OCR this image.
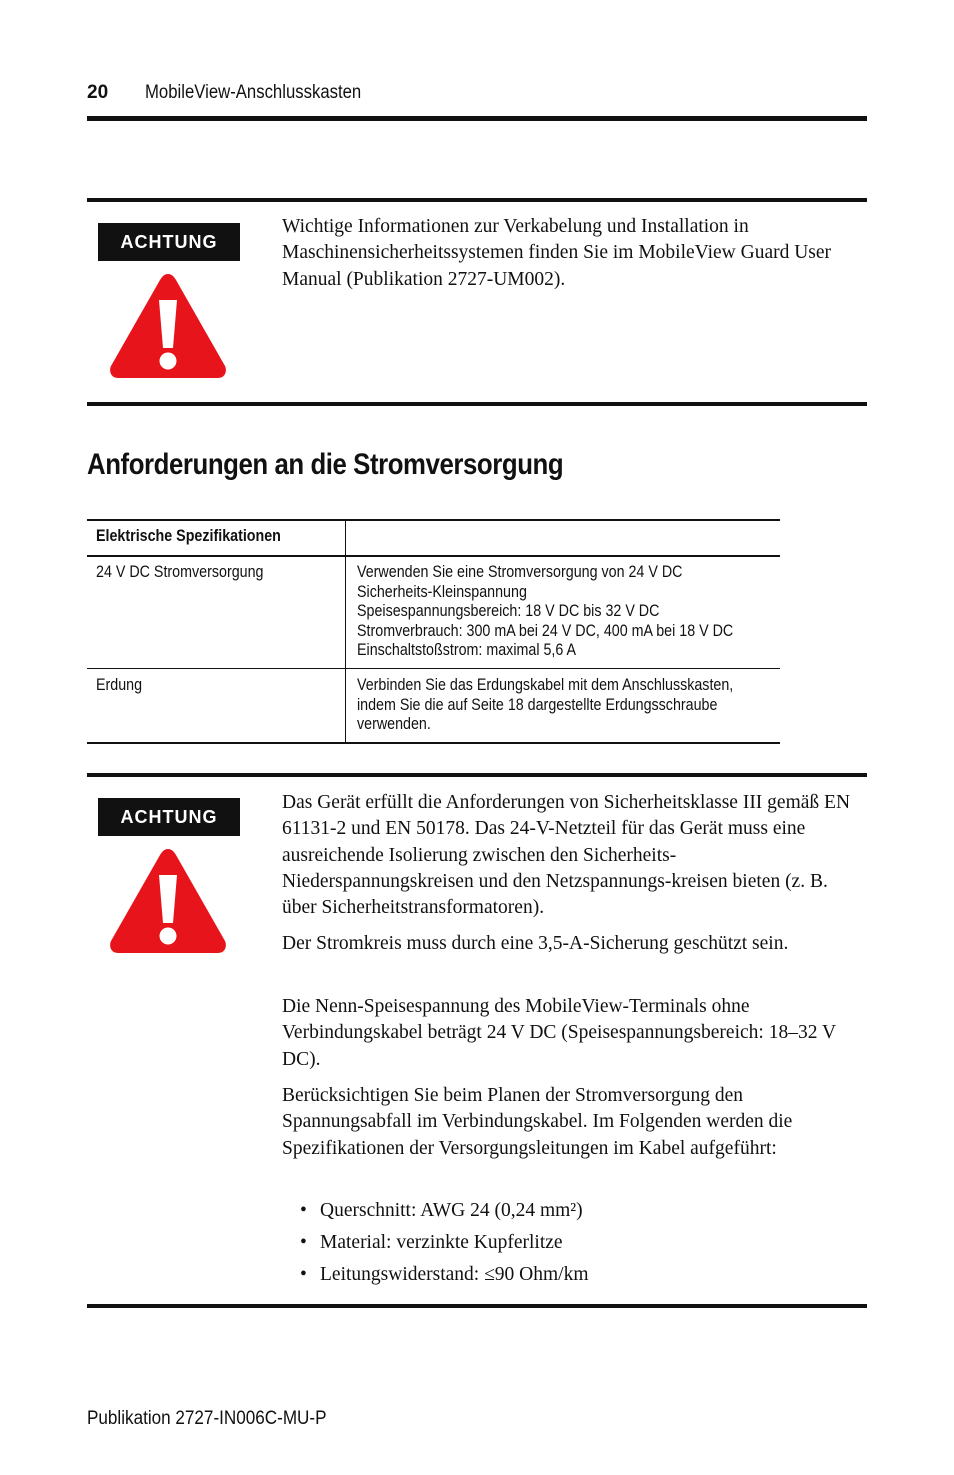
20 MobileView-Anschlusskasten
ACHTUNG

Wichtige Informationen zur Verkabelung und Installation in Maschinensicherheitssystemen finden Sie im MobileView Guard User Manual (Publikation 2727-UM002).

Anforderungen an die Stromversorgung
Elektrische Spezifikationen
24 V DC Stromversorgung	Verwenden Sie eine Stromversorgung von 24 V DC
Sicherheits-Kleinspannung
Speisespannungsbereich: 18 V DC bis 32 V DC
Stromverbrauch: 300 mA bei 24 V DC, 400 mA bei 18 V DC
Einschaltstoßstrom: maximal 5,6 A
Erdung	Verbinden Sie das Erdungskabel mit dem Anschlusskasten,
indem Sie die auf Seite 18 dargestellte Erdungsschraube
verwenden.
ACHTUNG

Das Gerät erfüllt die Anforderungen von Sicherheitsklasse III gemäß EN 61131-2 und EN 50178. Das 24-V-Netzteil für das Gerät muss eine ausreichende Isolierung zwischen den Sicherheits-Niederspannungskreisen und den Netzspannungs-kreisen bieten (z. B. über Sicherheitstransformatoren).

Der Stromkreis muss durch eine 3,5-A-Sicherung geschützt sein.

Die Nenn-Speisespannung des MobileView-Terminals ohne Verbindungskabel beträgt 24 V DC (Speisespannungsbereich: 18–32 V DC).

Berücksichtigen Sie beim Planen der Stromversorgung den Spannungsabfall im Verbindungskabel. Im Folgenden werden die Spezifikationen der Versorgungsleitungen im Kabel aufgeführt:

• Querschnitt: AWG 24 (0,24 mm²)
• Material: verzinkte Kupferlitze
• Leitungswiderstand: ≤90 Ohm/km
Publikation 2727-IN006C-MU-P
